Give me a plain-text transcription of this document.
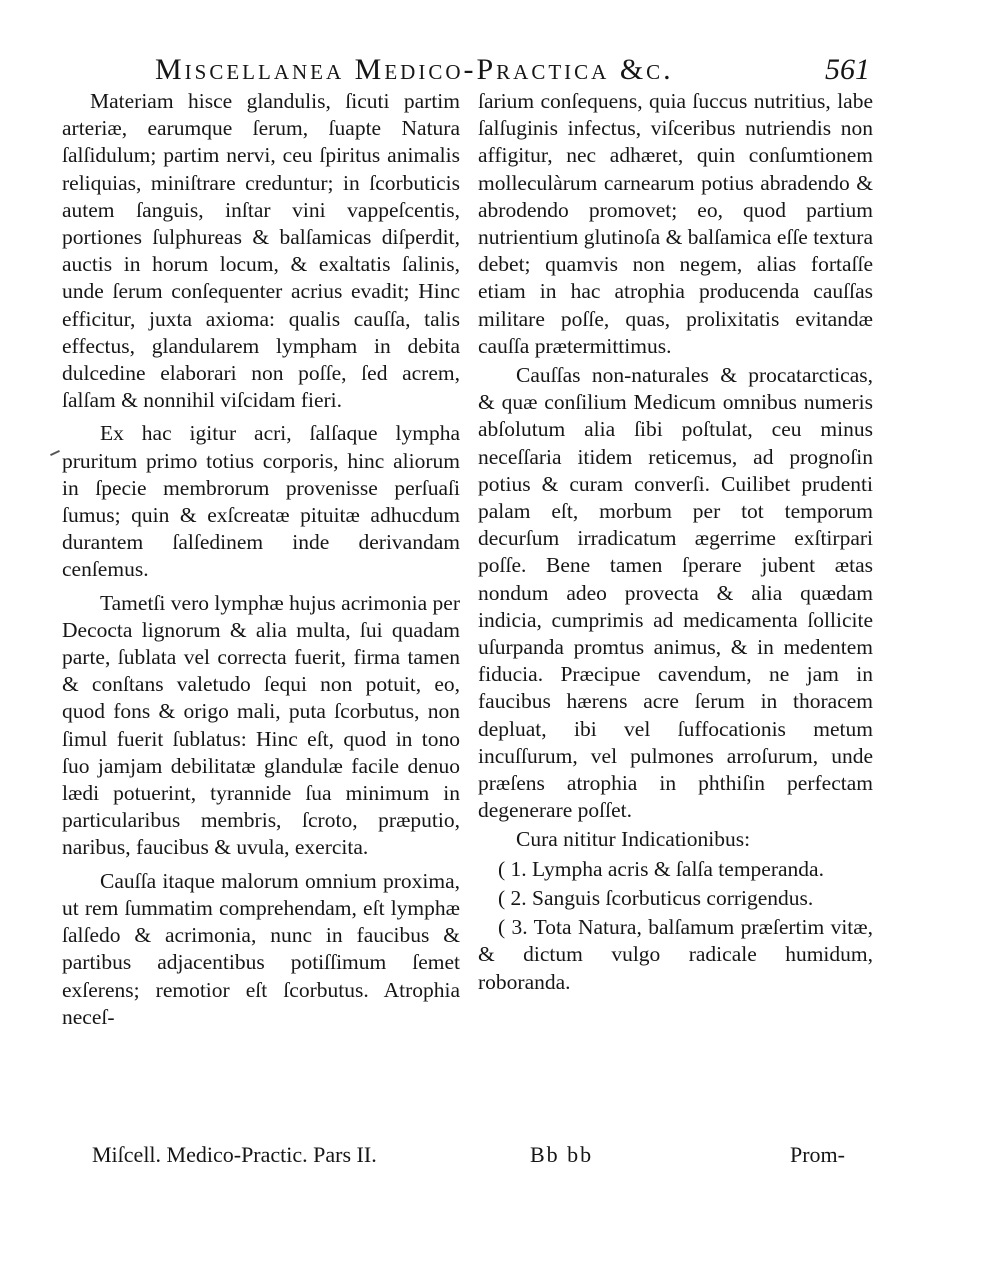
Miscellanea Medico-Practica &c.	561

Materiam hisce glandulis, ſicuti partim arteriæ, earumque ſerum, ſuapte Natura ſalſidulum; partim nervi, ceu ſpiritus animalis reliquias, miniſtrare creduntur; in ſcorbuticis autem ſanguis, inſtar vini vappeſcentis, portiones ſulphureas & balſamicas diſperdit, auctis in horum locum, & exaltatis ſalinis, unde ſerum conſequenter acrius evadit; Hinc efficitur, juxta axioma: qualis cauſſa, talis effectus, glandularem lympham in debita dulcedine elaborari non poſſe, ſed acrem, ſalſam & nonnihil viſcidam fieri.

Ex hac igitur acri, ſalſaque lympha pruritum primo totius corporis, hinc aliorum in ſpecie membrorum provenisse perſuaſi ſumus; quin & exſcreatæ pituitæ adhucdum durantem ſalſedinem inde derivandam cenſemus.

Tametſi vero lymphæ hujus acrimonia per Decocta lignorum & alia multa, ſui quadam parte, ſublata vel correcta fuerit, firma tamen & conſtans valetudo ſequi non potuit, eo, quod fons & origo mali, puta ſcorbutus, non ſimul fuerit ſublatus: Hinc eſt, quod in tono ſuo jamjam debilitatæ glandulæ facile denuo lædi potuerint, tyrannide ſua minimum in particularibus membris, ſcroto, præputio, naribus, faucibus & uvula, exercita.

Cauſſa itaque malorum omnium proxima, ut rem ſummatim comprehendam, eſt lymphæ ſalſedo & acrimonia, nunc in faucibus & partibus adjacentibus potiſſimum ſemet exſerens; remotior eſt ſcorbutus. Atrophia neceſ-

ſarium conſequens, quia ſuccus nutritius, labe ſalſuginis infectus, viſceribus nutriendis non affigitur, nec adhæret, quin conſumtionem molleculàrum carnearum potius abradendo & abrodendo promovet; eo, quod partium nutrientium glutinoſa & balſamica eſſe textura debet; quamvis non negem, alias fortaſſe etiam in hac atrophia producenda cauſſas militare poſſe, quas, prolixitatis evitandæ cauſſa prætermittimus.

Cauſſas non-naturales & procatarcticas, & quæ conſilium Medicum omnibus numeris abſolutum alia ſibi poſtulat, ceu minus neceſſaria itidem reticemus, ad prognoſin potius & curam converſi. Cuilibet prudenti palam eſt, morbum per tot temporum decurſum irradicatum ægerrime exſtirpari poſſe. Bene tamen ſperare jubent ætas nondum adeo provecta & alia quædam indicia, cumprimis ad medicamenta ſollicite uſurpanda promtus animus, & in medentem fiducia. Præcipue cavendum, ne jam in faucibus hærens acre ſerum in thoracem depluat, ibi vel ſuffocationis metum incuſſurum, vel pulmones arroſurum, unde præſens atrophia in phthiſin perfectam degenerare poſſet.

Cura nititur Indicationibus:

( 1. Lympha acris & ſalſa temperanda.

( 2. Sanguis ſcorbuticus corrigendus.

( 3. Tota Natura, balſamum præſertim vitæ, & dictum vulgo radicale humidum, roboranda.

Miſcell. Medico-Practic. Pars II.	Bb bb	Prom-
